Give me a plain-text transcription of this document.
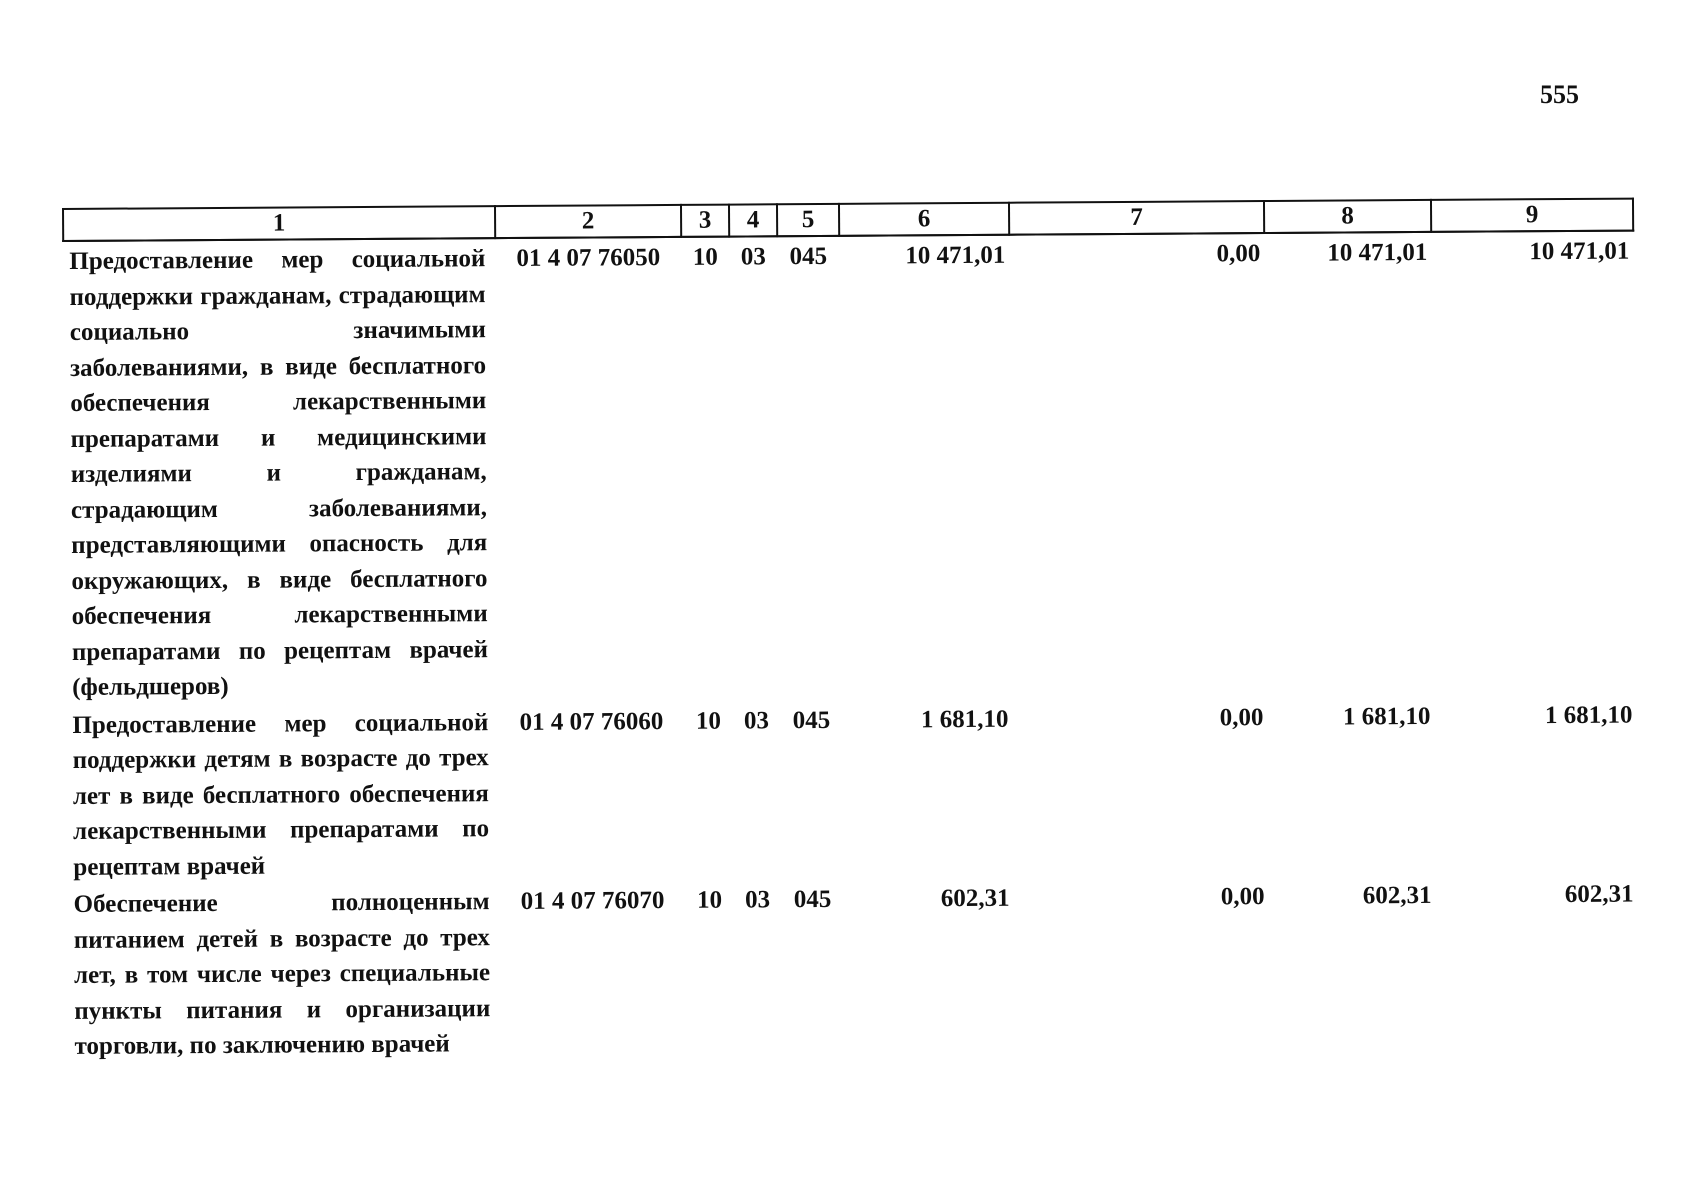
555
1	2	3	4	5	6	7	8	9
Предоставление мер социальной поддержки гражданам, страдающим социально значимыми заболеваниями, в виде бесплатного обеспечения лекарственными препаратами и медицинскими изделиями и гражданам, страдающим заболеваниями, представляющими опасность для окружающих, в виде бесплатного обеспечения лекарственными препаратами по рецептам врачей (фельдшеров)	01 4 07 76050	10	03	045	10 471,01	0,00	10 471,01	10 471,01
Предоставление мер социальной поддержки детям в возрасте до трех лет в виде бесплатного обеспечения лекарственными препаратами по рецептам врачей	01 4 07 76060	10	03	045	1 681,10	0,00	1 681,10	1 681,10
Обеспечение полноценным питанием детей в возрасте до трех лет, в том числе через специальные пункты питания и организации торговли, по заключению врачей	01 4 07 76070	10	03	045	602,31	0,00	602,31	602,31
